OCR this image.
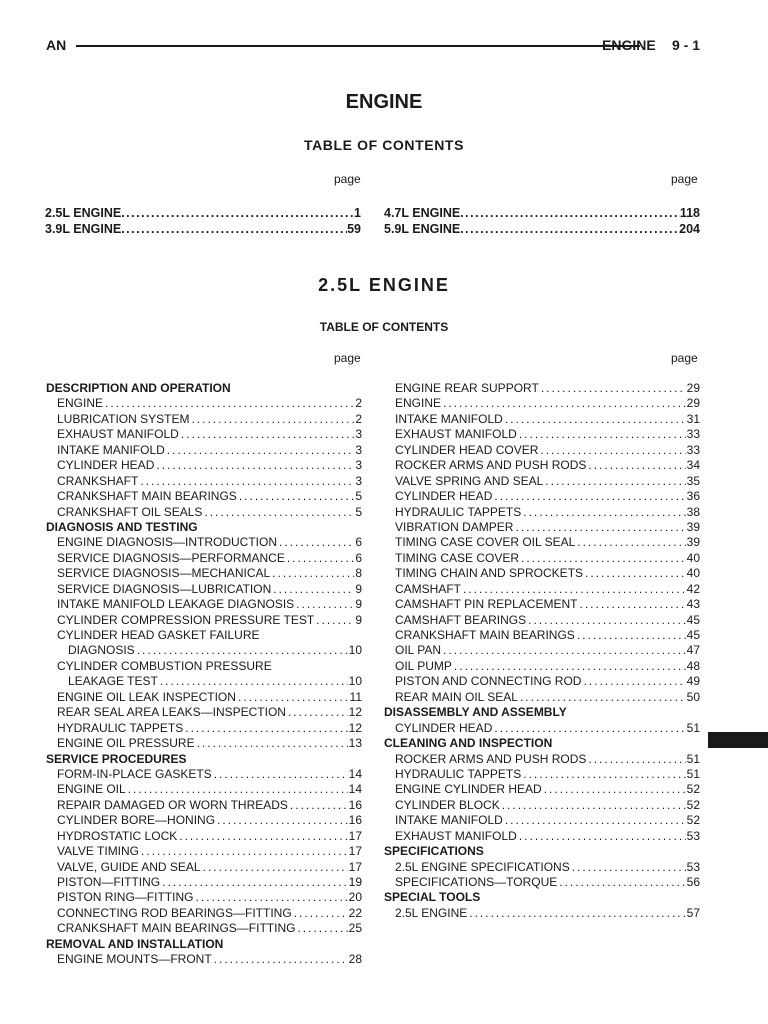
AN	ENGINE 9 - 1
ENGINE
TABLE OF CONTENTS
page	page
2.5L ENGINE .....	1
3.9L ENGINE .....	59
4.7L ENGINE .....	118
5.9L ENGINE .....	204
2.5L ENGINE
TABLE OF CONTENTS
page	page
DESCRIPTION AND OPERATION
ENGINE .....	2
LUBRICATION SYSTEM .....	2
EXHAUST MANIFOLD .....	3
INTAKE MANIFOLD .....	3
CYLINDER HEAD .....	3
CRANKSHAFT .....	3
CRANKSHAFT MAIN BEARINGS .....	5
CRANKSHAFT OIL SEALS .....	5
DIAGNOSIS AND TESTING
ENGINE DIAGNOSIS—INTRODUCTION .....	6
SERVICE DIAGNOSIS—PERFORMANCE .....	6
SERVICE DIAGNOSIS—MECHANICAL .....	8
SERVICE DIAGNOSIS—LUBRICATION .....	9
INTAKE MANIFOLD LEAKAGE DIAGNOSIS .....	9
CYLINDER COMPRESSION PRESSURE TEST .....	9
CYLINDER HEAD GASKET FAILURE
DIAGNOSIS .....	10
CYLINDER COMBUSTION PRESSURE
LEAKAGE TEST .....	10
ENGINE OIL LEAK INSPECTION .....	11
REAR SEAL AREA LEAKS—INSPECTION .....	12
HYDRAULIC TAPPETS .....	12
ENGINE OIL PRESSURE .....	13
SERVICE PROCEDURES
FORM-IN-PLACE GASKETS .....	14
ENGINE OIL .....	14
REPAIR DAMAGED OR WORN THREADS .....	16
CYLINDER BORE—HONING .....	16
HYDROSTATIC LOCK .....	17
VALVE TIMING .....	17
VALVE, GUIDE AND SEAL .....	17
PISTON—FITTING .....	19
PISTON RING—FITTING .....	20
CONNECTING ROD BEARINGS—FITTING .....	22
CRANKSHAFT MAIN BEARINGS—FITTING .....	25
REMOVAL AND INSTALLATION
ENGINE MOUNTS—FRONT .....	28
ENGINE REAR SUPPORT .....	29
ENGINE .....	29
INTAKE MANIFOLD .....	31
EXHAUST MANIFOLD .....	33
CYLINDER HEAD COVER .....	33
ROCKER ARMS AND PUSH RODS .....	34
VALVE SPRING AND SEAL .....	35
CYLINDER HEAD .....	36
HYDRAULIC TAPPETS .....	38
VIBRATION DAMPER .....	39
TIMING CASE COVER OIL SEAL .....	39
TIMING CASE COVER .....	40
TIMING CHAIN AND SPROCKETS .....	40
CAMSHAFT .....	42
CAMSHAFT PIN REPLACEMENT .....	43
CAMSHAFT BEARINGS .....	45
CRANKSHAFT MAIN BEARINGS .....	45
OIL PAN .....	47
OIL PUMP .....	48
PISTON AND CONNECTING ROD .....	49
REAR MAIN OIL SEAL .....	50
DISASSEMBLY AND ASSEMBLY
CYLINDER HEAD .....	51
CLEANING AND INSPECTION
ROCKER ARMS AND PUSH RODS .....	51
HYDRAULIC TAPPETS .....	51
ENGINE CYLINDER HEAD .....	52
CYLINDER BLOCK .....	52
INTAKE MANIFOLD .....	52
EXHAUST MANIFOLD .....	53
SPECIFICATIONS
2.5L ENGINE SPECIFICATIONS .....	53
SPECIFICATIONS—TORQUE .....	56
SPECIAL TOOLS
2.5L ENGINE .....	57
